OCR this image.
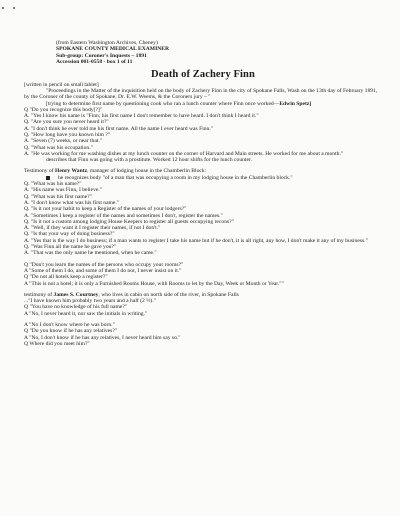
(from Eastern Washington Archives, Cheney)
SPOKANE COUNTY MEDICAL EXAMINER
Sub-group: Coroner's Inquests – 1891
Accession 001-0558 - box 1 of 11
Death of Zachery Finn

[written in pencil on small tablet]

"Proceedings in the Matter of the inquisition held on the body of Zachery Finn in the city of Spokane Falls, Wash on the 13th day of February 1891, by the Coroner of the county of Spokane, Dr. E.W. Weems, & the Coroners jury – "

[trying to determine first name by questioning cook who ran a lunch counter where Finn once worked—Edwin Spetz]

Q "Do you recognize this body[?]"

A. "Yes I know his name is "Finn; his first name I don't remember to have heard. I don't think I heard it."

Q. "Are you sure you never heard it?"

A. "I don't think he ever told me his first name. All the name I ever heard was Finn."

Q. "How long have you known him ?"

A. "Seven (7) weeks, or near that."

Q. "What was his occupation."

A. "He was working for me washing dishes at my lunch counter on the corner of Harvard and Main streets. He worked for me about a month."

describes that Finn was going with a prostitute. Worked 12 hour shifts for the lunch counter.

Testimony of Henry Wantz, manager of lodging house in the Chamberlin Block:

he recognizes body "of a man that was occupying a room in my lodging house in the Chamberlin block."

Q. "What was his name?"

A. "His name was Finn, I believe."

Q. "What was his first name?"

A. "I don't know what was his first name."

Q. "Is it not your habit to keep a Register of the names of your lodgers?"

A. "Sometimes I keep a register of the names and sometimes I don't, register the names."

Q. "Is it not a custom among lodging House Keepers to register all guests occupying recons?"

A. "Well, if they want it I register their names, if not I don't."

Q. "Is that your way of doing business?"

A. "Yes that is the way I do business; if a man wants to register I take his name but if he don't, it is all right, any how, I don't make it any of my business."

Q. "Was Finn all the name he gave you?"

A. "That was the only name he mentioned, when he came."

Q "Don't you learn the names of the persons who occupy your rooms?"

A "Some of them I do, and some of them I do not, I never insist on it."

Q "Do not all hotels keep a register?"

A "This is not a hotel; it is only a Furnished Rooms House, with Rooms to let by the Day, Week or Month or Year.""

testimony of James S. Courtney, who lives in cabin on north side of the river, in Spokane Falls

..."I have known him probably two years and a half (2 ½)."

Q "You have no knowledge of his full name?"

A "No, I never heard it, nor saw the initials in writing."

A "No I don't know where he was born."

Q "Do you know if he has any relatives?"

A "No, I don't know if he has any relatives, I never heard him say so."

Q Where did you meet him?"
